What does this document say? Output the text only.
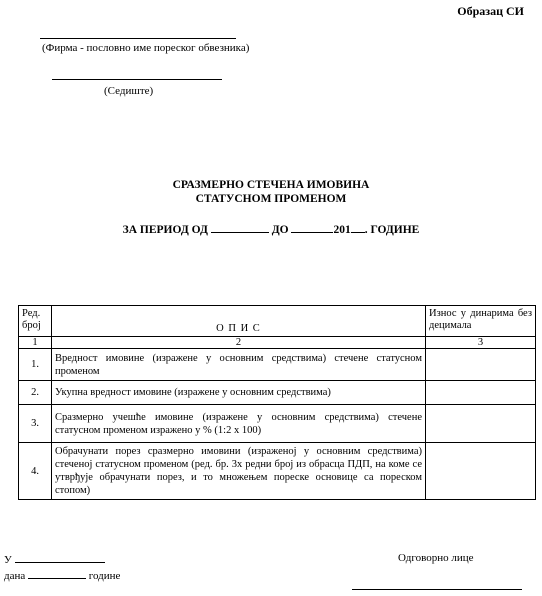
Образац СИ
(Фирма - пословно име пореског обвезника)
(Седиште)
СРАЗМЕРНО СТЕЧЕНА ИМОВИНА
СТАТУСНОМ ПРОМЕНОМ
ЗА ПЕРИОД ОД	ДО	201 . ГОДИНЕ
Ред. број	О П И С	Износ у динарима без децимала
1	2	3
1.	Вредност имовине (изражене у основним средствима) стечене статусном променом	
2.	Укупна вредност имовине (изражене у основним средствима)	
3.	Сразмерно учешће имовине (изражене у основним средствима) стечене статусном променом изражено у % (1:2 х 100)	
4.	Обрачунати порез сразмерно имовини (израженој у основним средствима) стеченој статусном променом (ред. бр. 3х редни број из обрасца ПДП, на коме се утврђује обрачунати порез, и то множењем пореске основице са пореском стопом)	
У
дана	године
Одговорно лице
